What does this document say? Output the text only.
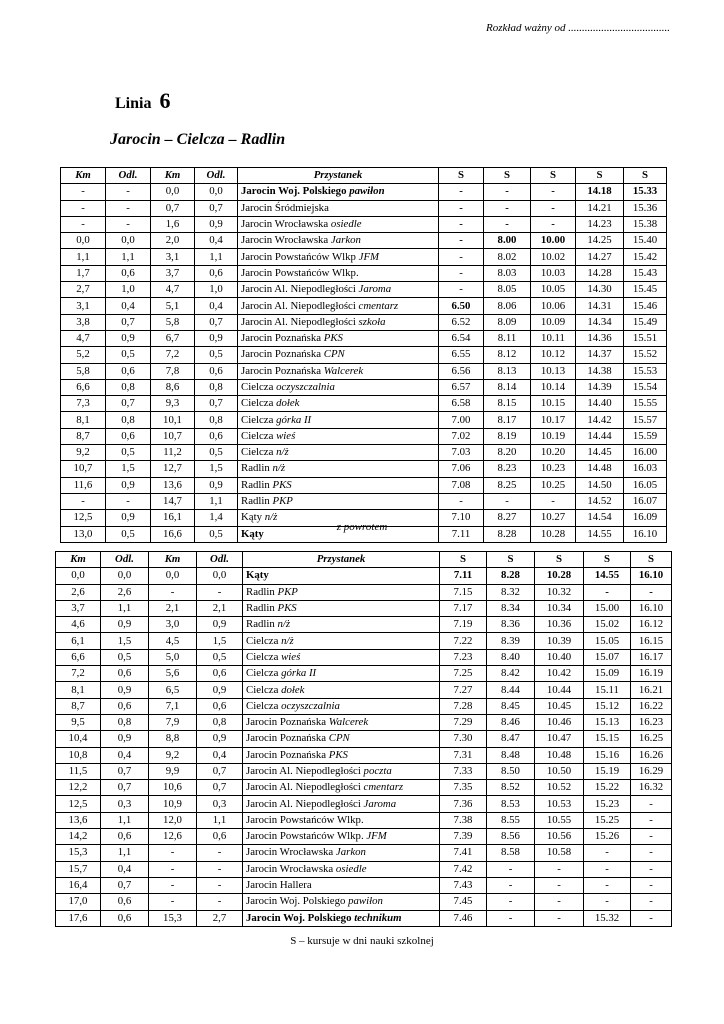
Rozkład ważny od .....................................
Linia 6
Jarocin – Cielcza – Radlin
Km	Odl.	Km	Odl.	Przystanek	S	S	S	S	S
-	-	0,0	0,0	Jarocin Woj. Polskiego pawiłon	-	-	-	14.18	15.33
-	-	0,7	0,7	Jarocin Śródmiejska	-	-	-	14.21	15.36
-	-	1,6	0,9	Jarocin Wrocławska osiedle	-	-	-	14.23	15.38
0,0	0,0	2,0	0,4	Jarocin Wrocławska Jarkon	-	8.00	10.00	14.25	15.40
1,1	1,1	3,1	1,1	Jarocin Powstańców Wlkp JFM	-	8.02	10.02	14.27	15.42
1,7	0,6	3,7	0,6	Jarocin Powstańców Wlkp.	-	8.03	10.03	14.28	15.43
2,7	1,0	4,7	1,0	Jarocin Al. Niepodległości Jaroma	-	8.05	10.05	14.30	15.45
3,1	0,4	5,1	0,4	Jarocin Al. Niepodległości cmentarz	6.50	8.06	10.06	14.31	15.46
3,8	0,7	5,8	0,7	Jarocin Al. Niepodległości szkoła	6.52	8.09	10.09	14.34	15.49
4,7	0,9	6,7	0,9	Jarocin Poznańska PKS	6.54	8.11	10.11	14.36	15.51
5,2	0,5	7,2	0,5	Jarocin Poznańska CPN	6.55	8.12	10.12	14.37	15.52
5,8	0,6	7,8	0,6	Jarocin Poznańska Walcerek	6.56	8.13	10.13	14.38	15.53
6,6	0,8	8,6	0,8	Cielcza oczyszczalnia	6.57	8.14	10.14	14.39	15.54
7,3	0,7	9,3	0,7	Cielcza dołek	6.58	8.15	10.15	14.40	15.55
8,1	0,8	10,1	0,8	Cielcza górka II	7.00	8.17	10.17	14.42	15.57
8,7	0,6	10,7	0,6	Cielcza wieś	7.02	8.19	10.19	14.44	15.59
9,2	0,5	11,2	0,5	Cielcza n/ż	7.03	8.20	10.20	14.45	16.00
10,7	1,5	12,7	1,5	Radlin n/ż	7.06	8.23	10.23	14.48	16.03
11,6	0,9	13,6	0,9	Radlin PKS	7.08	8.25	10.25	14.50	16.05
-	-	14,7	1,1	Radlin PKP	-	-	-	14.52	16.07
12,5	0,9	16,1	1,4	Kąty n/ż	7.10	8.27	10.27	14.54	16.09
13,0	0,5	16,6	0,5	Kąty	7.11	8.28	10.28	14.55	16.10
z powrotem
Km	Odl.	Km	Odl.	Przystanek	S	S	S	S	S
0,0	0,0	0,0	0,0	Kąty	7.11	8.28	10.28	14.55	16.10
2,6	2,6	-	-	Radlin PKP	7.15	8.32	10.32	-	-
3,7	1,1	2,1	2,1	Radlin PKS	7.17	8.34	10.34	15.00	16.10
4,6	0,9	3,0	0,9	Radlin n/ż	7.19	8.36	10.36	15.02	16.12
6,1	1,5	4,5	1,5	Cielcza n/ż	7.22	8.39	10.39	15.05	16.15
6,6	0,5	5,0	0,5	Cielcza wieś	7.23	8.40	10.40	15.07	16.17
7,2	0,6	5,6	0,6	Cielcza górka II	7.25	8.42	10.42	15.09	16.19
8,1	0,9	6,5	0,9	Cielcza dołek	7.27	8.44	10.44	15.11	16.21
8,7	0,6	7,1	0,6	Cielcza oczyszczalnia	7.28	8.45	10.45	15.12	16.22
9,5	0,8	7,9	0,8	Jarocin Poznańska Walcerek	7.29	8.46	10.46	15.13	16.23
10,4	0,9	8,8	0,9	Jarocin Poznańska CPN	7.30	8.47	10.47	15.15	16.25
10,8	0,4	9,2	0,4	Jarocin Poznańska PKS	7.31	8.48	10.48	15.16	16.26
11,5	0,7	9,9	0,7	Jarocin Al. Niepodległości poczta	7.33	8.50	10.50	15.19	16.29
12,2	0,7	10,6	0,7	Jarocin Al. Niepodległości cmentarz	7.35	8.52	10.52	15.22	16.32
12,5	0,3	10,9	0,3	Jarocin Al. Niepodległości Jaroma	7.36	8.53	10.53	15.23	-
13,6	1,1	12,0	1,1	Jarocin Powstańców Wlkp.	7.38	8.55	10.55	15.25	-
14,2	0,6	12,6	0,6	Jarocin Powstańców Wlkp. JFM	7.39	8.56	10.56	15.26	-
15,3	1,1	-	-	Jarocin Wrocławska Jarkon	7.41	8.58	10.58	-	-
15,7	0,4	-	-	Jarocin Wrocławska osiedle	7.42	-	-	-	-
16,4	0,7	-	-	Jarocin Hallera	7.43	-	-	-	-
17,0	0,6	-	-	Jarocin Woj. Polskiego pawiłon	7.45	-	-	-	-
17,6	0,6	15,3	2,7	Jarocin Woj. Polskiego technikum	7.46	-	-	15.32	-
S – kursuje w dni nauki szkolnej
